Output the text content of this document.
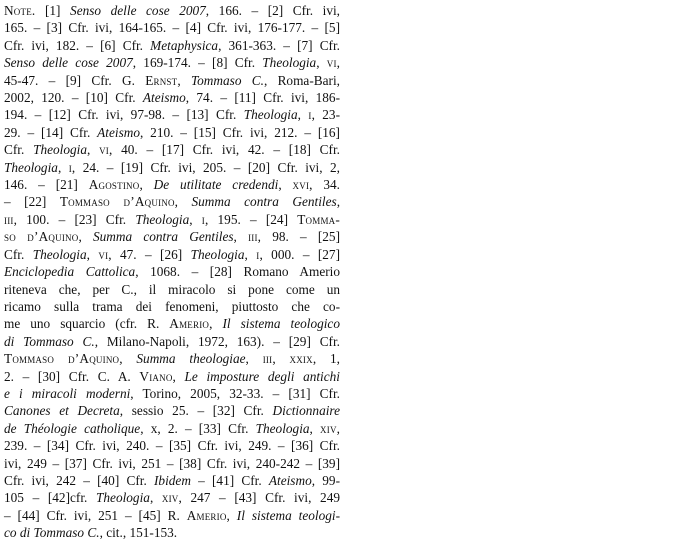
Note. [1] Senso delle cose 2007, 166. – [2] Cfr. ivi,
165. – [3] Cfr. ivi, 164-165. – [4] Cfr. ivi, 176-177. – [5]
Cfr. ivi, 182. – [6] Cfr. Metaphysica, 361-363. – [7] Cfr.
Senso delle cose 2007, 169-174. – [8] Cfr. Theologia, vi,
45-47. – [9] Cfr. G. Ernst, Tommaso C., Roma-Bari,
2002, 120. – [10] Cfr. Ateismo, 74. – [11] Cfr. ivi, 186-
194. – [12] Cfr. ivi, 97-98. – [13] Cfr. Theologia, i, 23-
29. – [14] Cfr. Ateismo, 210. – [15] Cfr. ivi, 212. – [16]
Cfr. Theologia, vi, 40. – [17] Cfr. ivi, 42. – [18] Cfr.
Theologia, i, 24. – [19] Cfr. ivi, 205. – [20] Cfr. ivi, 2,
146. – [21] Agostino, De utilitate credendi, xvi, 34.
– [22] Tommaso d’Aquino, Summa contra Gentiles,
iii, 100. – [23] Cfr. Theologia, i, 195. – [24] Tomma-
so d’Aquino, Summa contra Gentiles, iii, 98. – [25]
Cfr. Theologia, vi, 47. – [26] Theologia, i, 000. – [27]
Enciclopedia Cattolica, 1068. – [28] Romano Amerio
riteneva che, per C., il miracolo si pone come un
ricamo sulla trama dei fenomeni, piuttosto che co-
me uno squarcio (cfr. R. Amerio, Il sistema teologico
di Tommaso C., Milano-Napoli, 1972, 163). – [29] Cfr.
Tommaso d’Aquino, Summa theologiae, iii, xxix, 1,
2. – [30] Cfr. C. A. Viano, Le imposture degli antichi
e i miracoli moderni, Torino, 2005, 32-33. – [31] Cfr.
Canones et Decreta, sessio 25. – [32] Cfr. Dictionnaire
de Théologie catholique, x, 2. – [33] Cfr. Theologia, xiv,
239. – [34] Cfr. ivi, 240. – [35] Cfr. ivi, 249. – [36] Cfr.
ivi, 249 – [37] Cfr. ivi, 251 – [38] Cfr. ivi, 240-242 – [39]
Cfr. ivi, 242 – [40] Cfr. Ibidem – [41] Cfr. Ateismo, 99-
105 – [42]cfr. Theologia, xiv, 247 – [43] Cfr. ivi, 249
– [44] Cfr. ivi, 251 – [45] R. Amerio, Il sistema teologi-
co di Tommaso C., cit., 151-153.
